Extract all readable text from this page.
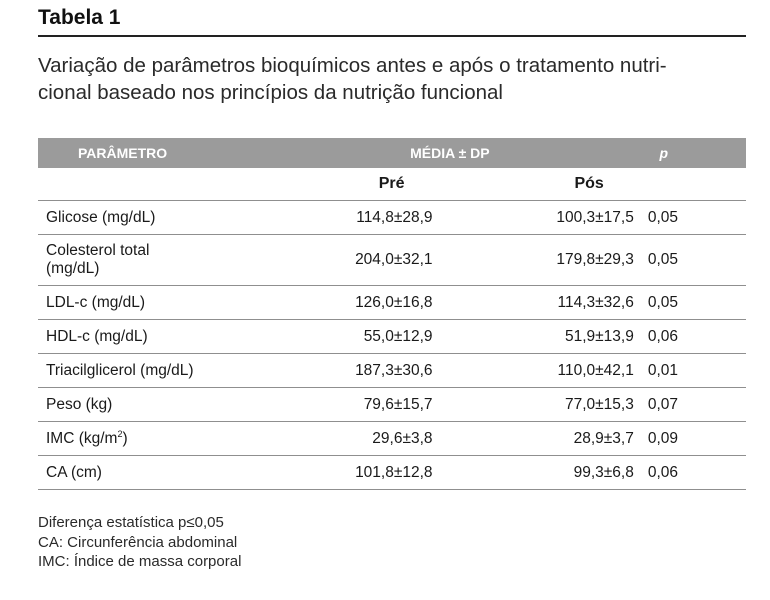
Tabela 1
Variação de parâmetros bioquímicos antes e após o tratamento nutri-
cional baseado nos princípios da nutrição funcional
PARÂMETRO	MÉDIA ± DP		p
	Pré	Pós	
Glicose (mg/dL)	114,8±28,9	100,3±17,5	0,05

Colesterol total
(mg/dL)	204,0±32,1	179,8±29,3	0,05
LDL-c (mg/dL)	126,0±16,8	114,3±32,6	0,05
HDL-c (mg/dL)	55,0±12,9	51,9±13,9	0,06
Triacilglicerol (mg/dL)	187,3±30,6	110,0±42,1	0,01
Peso (kg)	79,6±15,7	77,0±15,3	0,07
IMC $(kg/m^2)$	29,6±3,8	28,9±3,7	0,09
CA (cm)	101,8±12,8	99,3±6,8	0,06
Diferença estatística p≤0,05
CA: Circunferência abdominal
IMC: Índice de massa corporal
